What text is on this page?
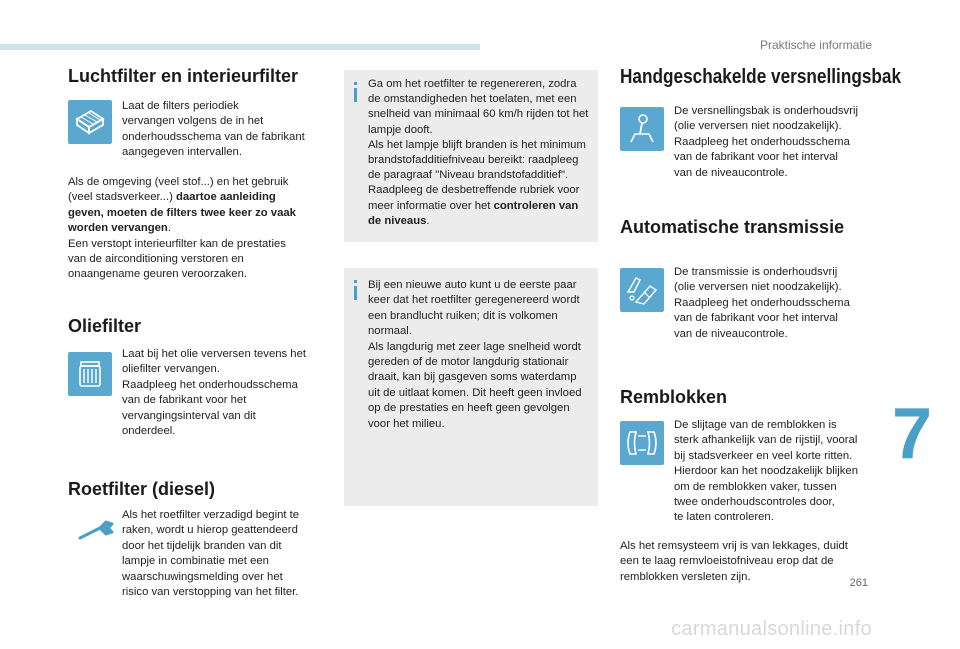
Praktische informatie
Luchtfilter en interieurfilter
Laat de filters periodiek
vervangen volgens de in het
onderhoudsschema van de fabrikant
aangegeven intervallen.
Als de omgeving (veel stof...) en het gebruik
(veel stadsverkeer...) daartoe aanleiding
geven, moeten de filters twee keer zo vaak
worden vervangen.
Een verstopt interieurfilter kan de prestaties
van de airconditioning verstoren en
onaangename geuren veroorzaken.
Oliefilter
Laat bij het olie verversen tevens het
oliefilter vervangen.
Raadpleeg het onderhoudsschema
van de fabrikant voor het
vervangingsinterval van dit
onderdeel.
Roetfilter (diesel)
Als het roetfilter verzadigd begint te
raken, wordt u hierop geattendeerd
door het tijdelijk branden van dit
lampje in combinatie met een
waarschuwingsmelding over het
risico van verstopping van het filter.
Ga om het roetfilter te regenereren, zodra
de omstandigheden het toelaten, met een
snelheid van minimaal 60 km/h rijden tot het
lampje dooft.
Als het lampje blijft branden is het minimum
brandstofadditiefniveau bereikt: raadpleeg
de paragraaf "Niveau brandstofadditief".
Raadpleeg de desbetreffende rubriek voor
meer informatie over het controleren van
de niveaus.
Bij een nieuwe auto kunt u de eerste paar
keer dat het roetfilter geregenereerd wordt
een brandlucht ruiken; dit is volkomen
normaal.
Als langdurig met zeer lage snelheid wordt
gereden of de motor langdurig stationair
draait, kan bij gasgeven soms waterdamp
uit de uitlaat komen. Dit heeft geen invloed
op de prestaties en heeft geen gevolgen
voor het milieu.
Handgeschakelde versnellingsbak
De versnellingsbak is onderhoudsvrij
(olie verversen niet noodzakelijk).
Raadpleeg het onderhoudsschema
van de fabrikant voor het interval
van de niveaucontrole.
Automatische transmissie
De transmissie is onderhoudsvrij
(olie verversen niet noodzakelijk).
Raadpleeg het onderhoudsschema
van de fabrikant voor het interval
van de niveaucontrole.
Remblokken
De slijtage van de remblokken is
sterk afhankelijk van de rijstijl, vooral
bij stadsverkeer en veel korte ritten.
Hierdoor kan het noodzakelijk blijken
om de remblokken vaker, tussen
twee onderhoudscontroles door,
te laten controleren.
Als het remsysteem vrij is van lekkages, duidt
een te laag remvloeistofniveau erop dat de
remblokken versleten zijn.
7
261
carmanualsonline.info
